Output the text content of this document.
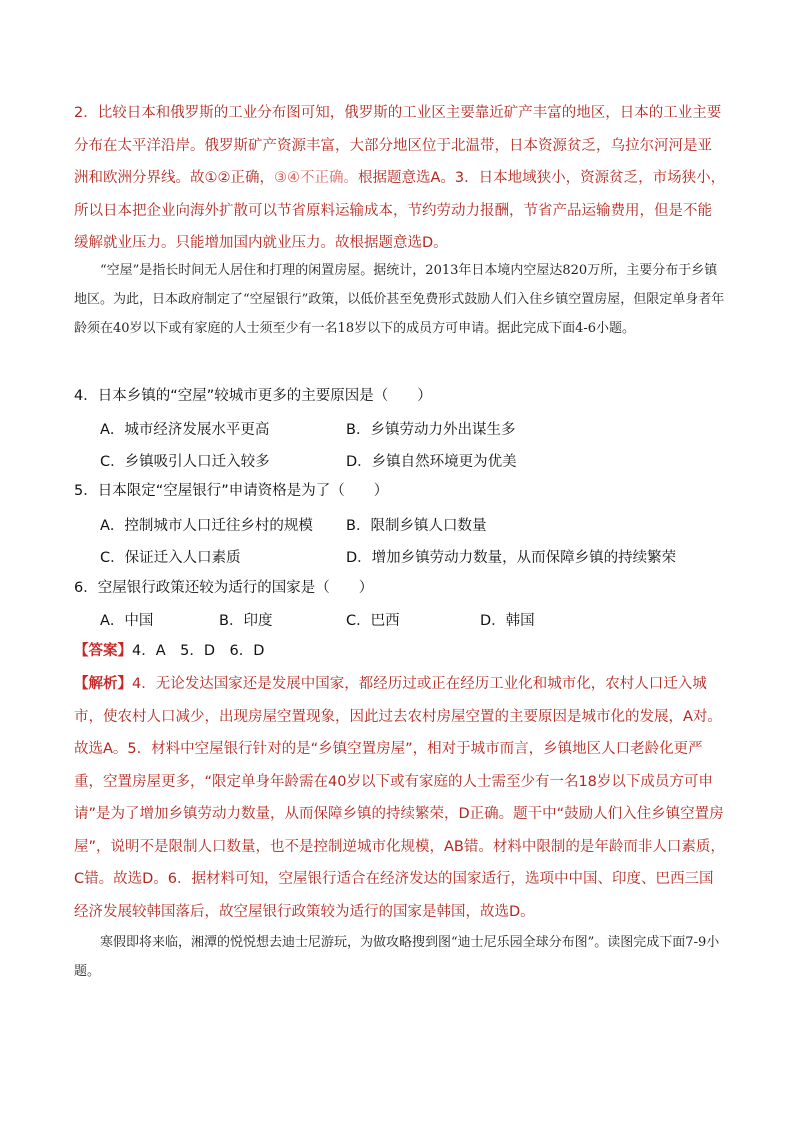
2．比较日本和俄罗斯的工业分布图可知，俄罗斯的工业区主要靠近矿产丰富的地区，日本的工业主要分布在太平洋沿岸。俄罗斯矿产资源丰富，大部分地区位于北温带，日本资源贫乏，乌拉尔河河是亚洲和欧洲分界线。故①②正确，③④不正确。根据题意选A。3．日本地域狭小，资源贫乏，市场狭小，所以日本把企业向海外扩散可以节省原料运输成本，节约劳动力报酬，节省产品运输费用，但是不能缓解就业压力。只能增加国内就业压力。故根据题意选D。
“空屋”是指长时间无人居住和打理的闲置房屋。据统计，2013年日本境内空屋达820万所，主要分布于乡镇地区。为此，日本政府制定了“空屋银行”政策，以低价甚至免费形式鼓励人们入住乡镇空置房屋，但限定单身者年龄须在40岁以下或有家庭的人士须至少有一名18岁以下的成员方可申请。据此完成下面4-6小题。
4．日本乡镇的“空屋”较城市更多的主要原因是（　　）
A．城市经济发展水平更高	B．乡镇劳动力外出谋生多
C．乡镇吸引人口迁入较多	D．乡镇自然环境更为优美
5．日本限定“空屋银行”申请资格是为了（　　）
A．控制城市人口迁往乡村的规模 B．限制乡镇人口数量
C．保证迁入人口素质	D．增加乡镇劳动力数量，从而保障乡镇的持续繁荣
6．空屋银行政策还较为适行的国家是（　　）
A．中国	B．印度	C．巴西	D．韩国
【答案】4．A　5．D　6．D
【解析】4．无论发达国家还是发展中国家，都经历过或正在经历工业化和城市化，农村人口迁入城市，使农村人口减少，出现房屋空置现象，因此过去农村房屋空置的主要原因是城市化的发展，A对。故选A。5．材料中空屋银行针对的是“乡镇空置房屋”，相对于城市而言，乡镇地区人口老龄化更严重，空置房屋更多，“限定单身年龄需在40岁以下或有家庭的人士需至少有一名18岁以下成员方可申请”是为了增加乡镇劳动力数量，从而保障乡镇的持续繁荣，D正确。题干中“鼓励人们入住乡镇空置房屋”，说明不是限制人口数量，也不是控制逆城市化规模，AB错。材料中限制的是年龄而非人口素质，C错。故选D。6．据材料可知，空屋银行适合在经济发达的国家适行，选项中中国、印度、巴西三国经济发展较韩国落后，故空屋银行政策较为适行的国家是韩国，故选D。
寒假即将来临，湘潭的悦悦想去迪士尼游玩，为做攻略搜到图“迪士尼乐园全球分布图”。读图完成下面7-9小题。
